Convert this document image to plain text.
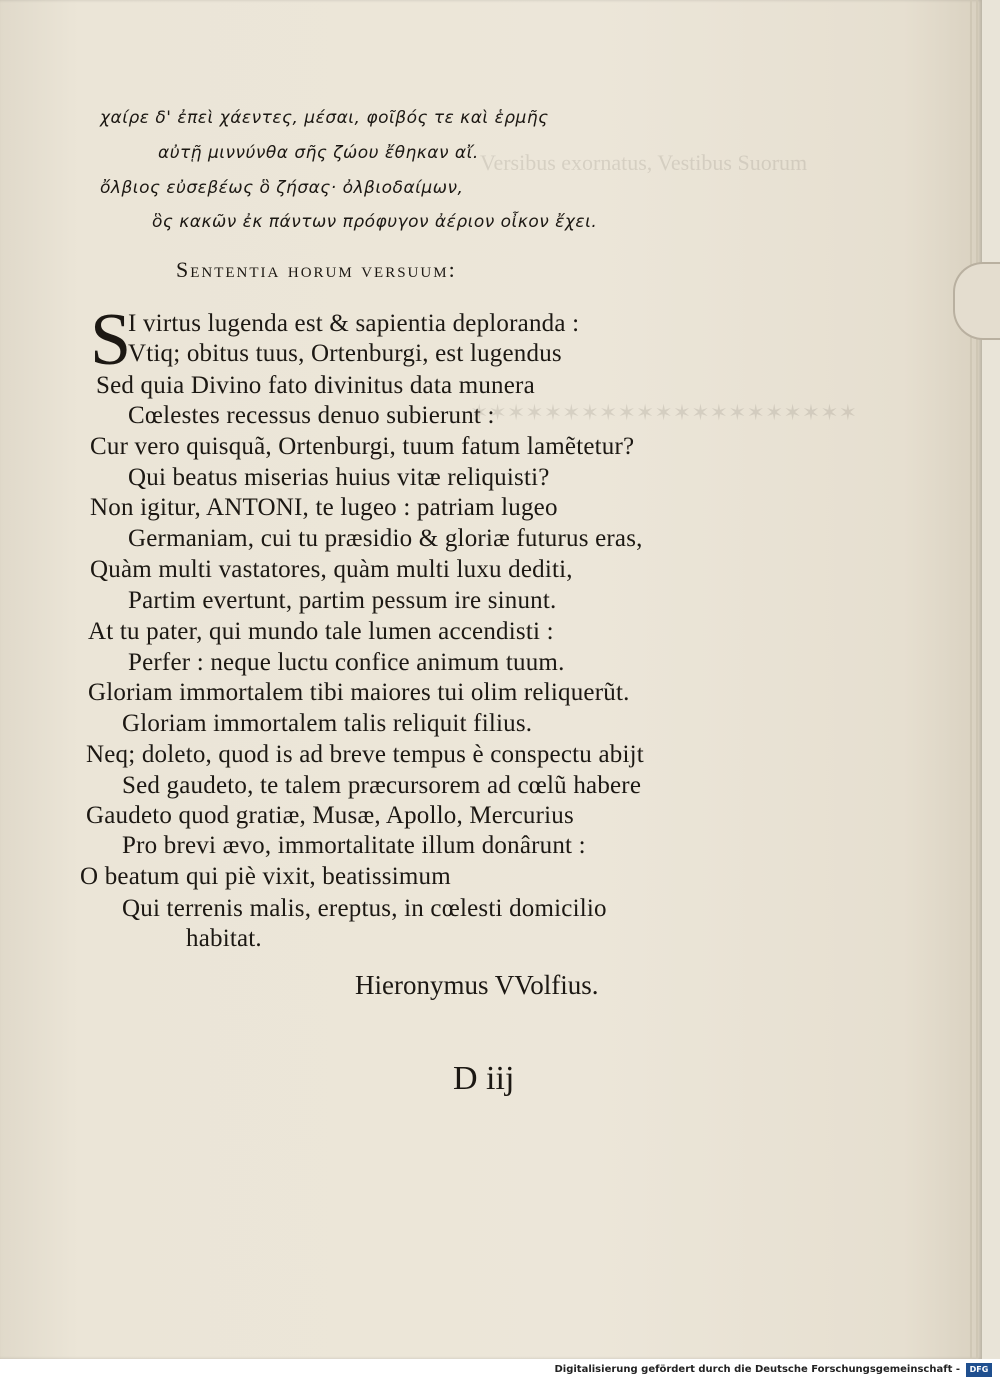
Versibus exornatus, Vestibus Suorum
✶✶✶✶✶✶✶✶✶✶✶✶✶✶✶✶✶✶✶✶✶
χαίρε δ' ἐπεὶ χάεντες, μέσαι, φοῖβός τε καὶ ἑρμῆς
αὐτῇ μιννύνθα σῆς ζώου ἔθηκαν αἴ.
ὄλβιος εὐσεβέως ὃ ζήσας· ὀλβιοδαίμων,
ὃς κακῶν ἐκ πάντων πρόφυγον ἀέριον οἶκον ἔχει.
Sententia horum versuum:
S
I virtus lugenda est & sapientia deploranda :
Vtiq; obitus tuus, Ortenburgi, est lugendus
Sed quia Divino fato divinitus data munera
Cœlestes recessus denuo subierunt :
Cur vero quisquã, Ortenburgi, tuum fatum lamẽtetur?
Qui beatus miserias huius vitæ reliquisti?
Non igitur, ANTONI, te lugeo : patriam lugeo
Germaniam, cui tu præsidio & gloriæ futurus eras,
Quàm multi vastatores, quàm multi luxu dediti,
Partim evertunt, partim pessum ire sinunt.
At tu pater, qui mundo tale lumen accendisti :
Perfer : neque luctu confice animum tuum.
Gloriam immortalem tibi maiores tui olim reliquerũt.
Gloriam immortalem talis reliquit filius.
Neq; doleto, quod is ad breve tempus è conspectu abijt
Sed gaudeto, te talem præcursorem ad cœlũ habere
Gaudeto quod gratiæ, Musæ, Apollo, Mercurius
Pro brevi ævo, immortalitate illum donârunt :
O beatum qui piè vixit, beatissimum
Qui terrenis malis, ereptus, in cœlesti domicilio
habitat.
Hieronymus VVolfius.
D iij
Digitalisierung gefördert durch die Deutsche Forschungsgemeinschaft -	DFG
